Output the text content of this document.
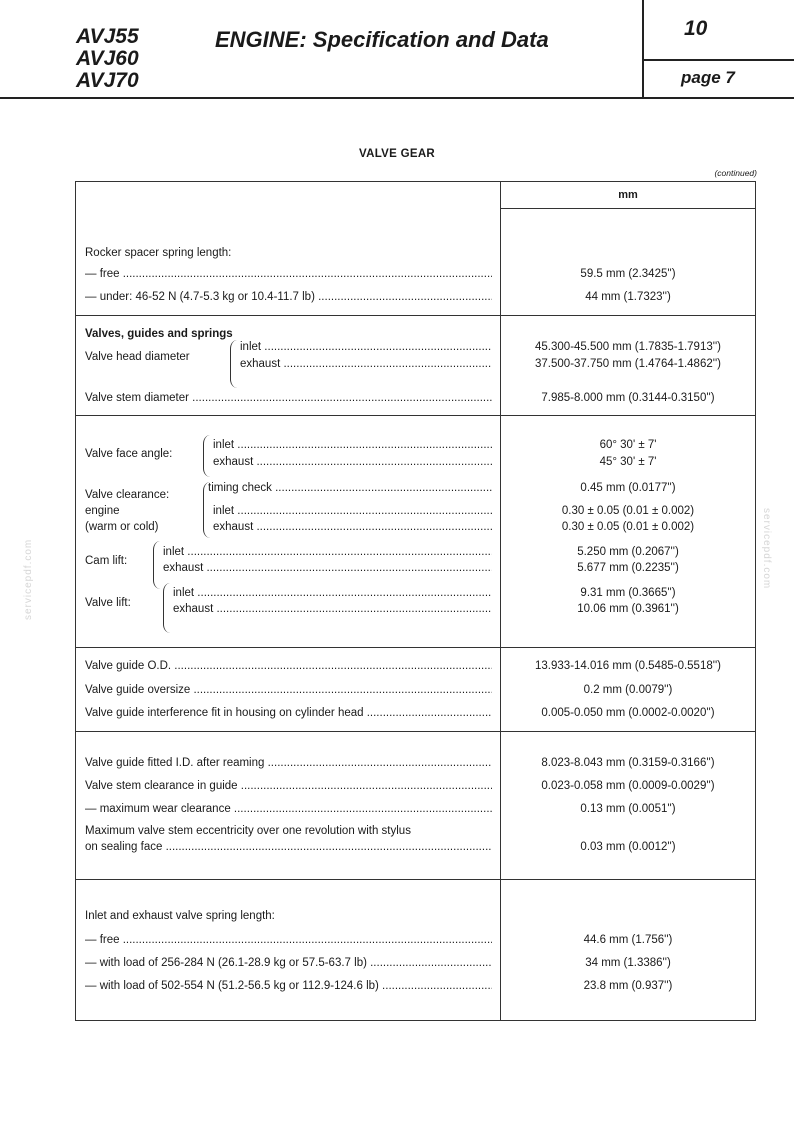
AVJ55
AVJ60
AVJ70
ENGINE: Specification and Data	10
page 7
VALVE GEAR
(continued)
mm
Rocker spacer spring length:
— free .....	59.5 mm (2.3425'')
— under: 46-52 N (4.7-5.3 kg or 10.4-11.7 lb) .....	44 mm (1.7323'')
Valves, guides and springs
Valve head diameter
inlet .....	45.300-45.500 mm (1.7835-1.7913'')
exhaust .....	37.500-37.750 mm (1.4764-1.4862'')
Valve stem diameter .....	7.985-8.000 mm (0.3144-0.3150'')
Valve face angle:
inlet .....	60° 30' ± 7'
exhaust .....	45° 30' ± 7'
Valve clearance:
engine
(warm or cold)
timing check .....	0.45 mm (0.0177'')
inlet .....	0.30 ± 0.05 (0.01 ± 0.002)
exhaust .....	0.30 ± 0.05 (0.01 ± 0.002)
Cam lift:
inlet .....	5.250 mm (0.2067'')
exhaust .....	5.677 mm (0.2235'')
Valve lift:
inlet .....	9.31 mm (0.3665'')
exhaust .....	10.06 mm (0.3961'')
Valve guide O.D. .....	13.933-14.016 mm (0.5485-0.5518'')
Valve guide oversize .....	0.2 mm (0.0079'')
Valve guide interference fit in housing on cylinder head .....	0.005-0.050 mm (0.0002-0.0020'')
Valve guide fitted I.D. after reaming .....	8.023-8.043 mm (0.3159-0.3166'')
Valve stem clearance in guide .....	0.023-0.058 mm (0.0009-0.0029'')
— maximum wear clearance .....	0.13 mm (0.0051'')
Maximum valve stem eccentricity over one revolution with stylus
on sealing face .....	0.03 mm (0.0012'')
Inlet and exhaust valve spring length:
— free .....	44.6 mm (1.756'')
— with load of 256-284 N (26.1-28.9 kg or 57.5-63.7 lb) .....	34 mm (1.3386'')
— with load of 502-554 N (51.2-56.5 kg or 112.9-124.6 lb) .....	23.8 mm (0.937'')
servicepdf.com	servicepdf.com
